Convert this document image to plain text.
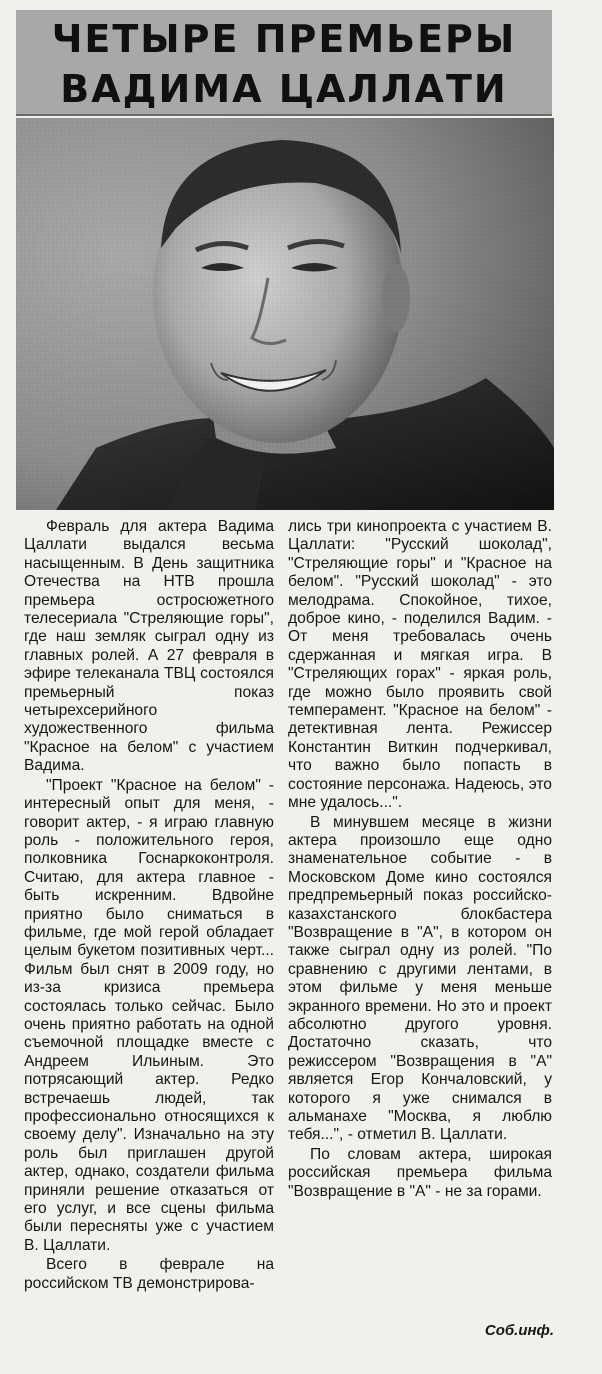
ЧЕТЫРЕ ПРЕМЬЕРЫ
ВАДИМА ЦАЛЛАТИ

Февраль для актера Вадима Цаллати выдался весьма насыщенным. В День защитника Отечества на НТВ прошла премьера остросюжетного телесериала "Стреляющие горы", где наш земляк сыграл одну из главных ролей. А 27 февраля в эфире телеканала ТВЦ состоялся премьерный показ четырехсерийного художественного фильма "Красное на белом" с участием Вадима.

"Проект "Красное на белом" - интересный опыт для меня, - говорит актер, - я играю главную роль - положительного героя, полковника Госнаркоконтроля. Считаю, для актера главное - быть искренним. Вдвойне приятно было сниматься в фильме, где мой герой обладает целым букетом позитивных черт... Фильм был снят в 2009 году, но из-за кризиса премьера состоялась только сейчас. Было очень приятно работать на одной съемочной площадке вместе с Андреем Ильиным. Это потрясающий актер. Редко встречаешь людей, так профессионально относящихся к своему делу". Изначально на эту роль был приглашен другой актер, однако, создатели фильма приняли решение отказаться от его услуг, и все сцены фильма были пересняты уже с участием В. Цаллати.

Всего в феврале на российском ТВ демонстрирова-

лись три кинопроекта с участием В. Цаллати: "Русский шоколад", "Стреляющие горы" и "Красное на белом". "Русский шоколад" - это мелодрама. Спокойное, тихое, доброе кино, - поделился Вадим. - От меня требовалась очень сдержанная и мягкая игра. В "Стреляющих горах" - яркая роль, где можно было проявить свой темперамент. "Красное на белом" - детективная лента. Режиссер Константин Виткин подчеркивал, что важно было попасть в состояние персонажа. Надеюсь, это мне удалось...".

В минувшем месяце в жизни актера произошло еще одно знаменательное событие - в Московском Доме кино состоялся предпремьерный показ российско-казахстанского блокбастера "Возвращение в "А", в котором он также сыграл одну из ролей. "По сравнению с другими лентами, в этом фильме у меня меньше экранного времени. Но это и проект абсолютно другого уровня. Достаточно сказать, что режиссером "Возвращения в "А" является Егор Кончаловский, у которого я уже снимался в альманахе "Москва, я люблю тебя...", - отметил В. Цаллати.

По словам актера, широкая российская премьера фильма "Возвращение в "А" - не за горами.

Соб.инф.
